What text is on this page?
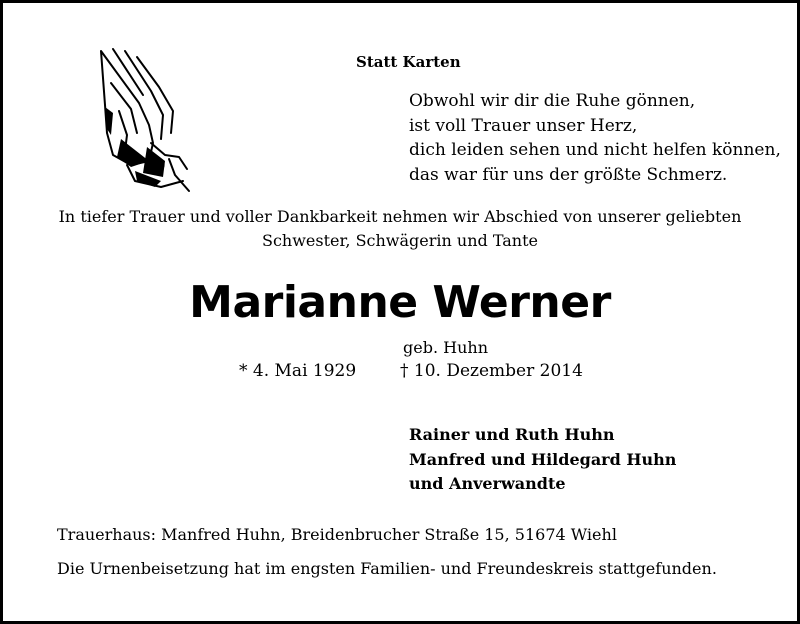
Statt Karten
Obwohl wir dir die Ruhe gönnen,
ist voll Trauer unser Herz,
dich leiden sehen und nicht helfen können,
das war für uns der größte Schmerz.
In tiefer Trauer und voller Dankbarkeit nehmen wir Abschied von unserer geliebten
Schwester, Schwägerin und Tante
Marianne Werner
geb. Huhn
* 4. Mai 1929	† 10. Dezember 2014
Rainer und Ruth Huhn
Manfred und Hildegard Huhn
und Anverwandte
Trauerhaus: Manfred Huhn, Breidenbrucher Straße 15, 51674 Wiehl
Die Urnenbeisetzung hat im engsten Familien- und Freundeskreis stattgefunden.
